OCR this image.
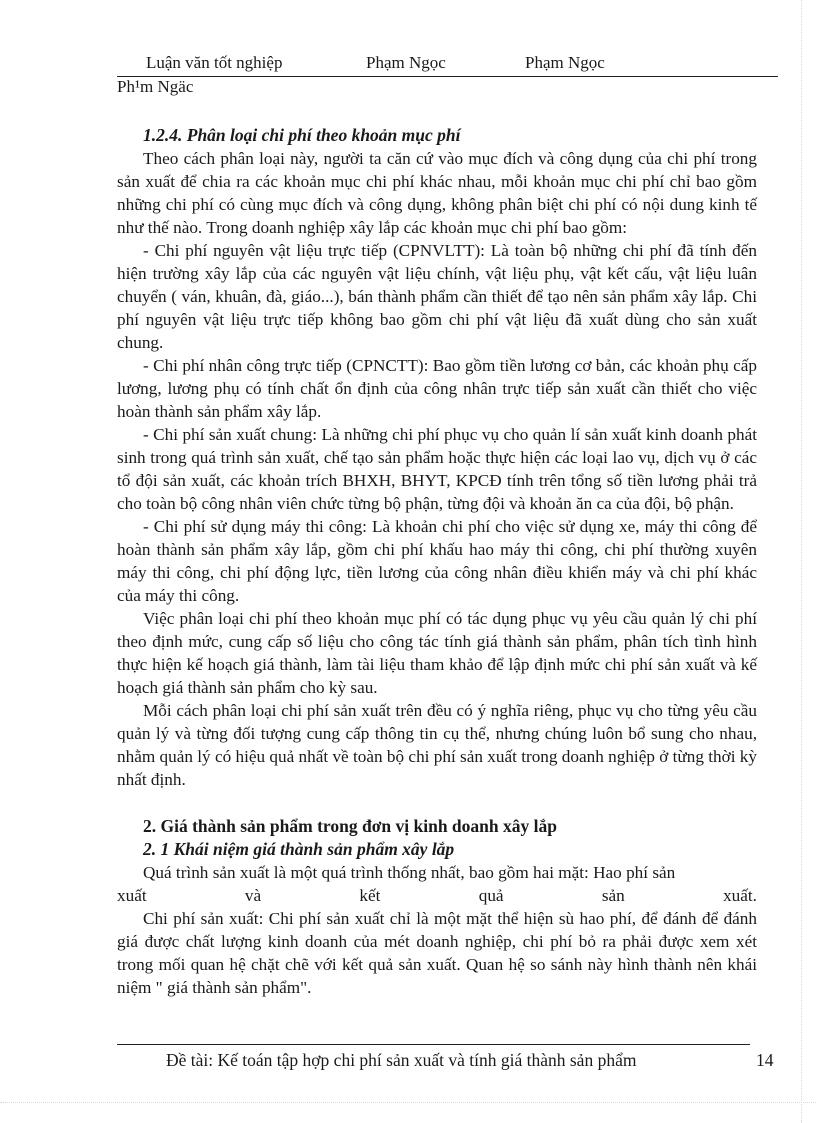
Luận văn tốt nghiệp	Phạm Ngọc	Phạm Ngọc
Ph¹m Ngäc

1.2.4. Phân loại chi phí theo khoản mục phí

Theo cách phân loại này, người ta căn cứ vào mục đích và công dụng của chi phí trong sản xuất để chia ra các khoản mục chi phí khác nhau, mỗi khoản mục chi phí chỉ bao gồm những chi phí có cùng mục đích và công dụng, không phân biệt chi phí có nội dung kinh tế như thế nào. Trong doanh nghiệp xây lắp các khoản mục chi phí bao gồm:

- Chi phí nguyên vật liệu trực tiếp (CPNVLTT): Là toàn bộ những chi phí đã tính đến hiện trường xây lắp của các nguyên vật liệu chính, vật liệu phụ, vật kết cấu, vật liệu luân chuyển ( ván, khuân, đà, giáo...), bán thành phẩm cần thiết để tạo nên sản phẩm xây lắp. Chi phí nguyên vật liệu trực tiếp không bao gồm chi phí vật liệu đã xuất dùng cho sản xuất chung.

- Chi phí nhân công trực tiếp (CPNCTT): Bao gồm tiền lương cơ bản, các khoản phụ cấp lương, lương phụ có tính chất ổn định của công nhân trực tiếp sản xuất cần thiết cho việc hoàn thành sản phẩm xây lắp.

- Chi phí sản xuất chung: Là những chi phí phục vụ cho quản lí sản xuất kinh doanh phát sinh trong quá trình sản xuất, chế tạo sản phẩm hoặc thực hiện các loại lao vụ, dịch vụ ở các tổ đội sản xuất, các khoản trích BHXH, BHYT, KPCĐ tính trên tổng số tiền lương phải trả cho toàn bộ công nhân viên chức từng bộ phận, từng đội và khoản ăn ca của đội, bộ phận.

- Chi phí sử dụng máy thi công: Là khoản chi phí cho việc sử dụng xe, máy thi công để hoàn thành sản phẩm xây lắp, gồm chi phí khấu hao máy thi công, chi phí thường xuyên máy thi công, chi phí động lực, tiền lương của công nhân điều khiển máy và chi phí khác của máy thi công.

Việc phân loại chi phí theo khoản mục phí có tác dụng phục vụ yêu cầu quản lý chi phí theo định mức, cung cấp số liệu cho công tác tính giá thành sản phẩm, phân tích tình hình thực hiện kế hoạch giá thành, làm tài liệu tham khảo để lập định mức chi phí sản xuất và kế hoạch giá thành sản phẩm cho kỳ sau.

Mỗi cách phân loại chi phí sản xuất trên đều có ý nghĩa riêng, phục vụ cho từng yêu cầu quản lý và từng đối tượng cung cấp thông tin cụ thể, nhưng chúng luôn bổ sung cho nhau, nhằm quản lý có hiệu quả nhất về toàn bộ chi phí sản xuất trong doanh nghiệp ở từng thời kỳ nhất định.

2. Giá thành sản phẩm trong đơn vị kinh doanh xây lắp

2. 1 Khái niệm giá thành sản phẩm xây lắp

Quá trình sản xuất là một quá trình thống nhất, bao gồm hai mặt: Hao phí sản

xuất	và	kết	quả	sản	xuất.

Chi phí sản xuất: Chi phí sản xuất chỉ là một mặt thể hiện sù hao phí, để đánh để đánh giá được chất lượng kinh doanh của mét doanh nghiệp, chi phí bỏ ra phải được xem xét trong mối quan hệ chặt chẽ với kết quả sản xuất. Quan hệ so sánh này hình thành nên khái niệm " giá thành sản phẩm".

Đề tài: Kế toán tập hợp chi phí sản xuất và tính giá thành sản phẩm	14
